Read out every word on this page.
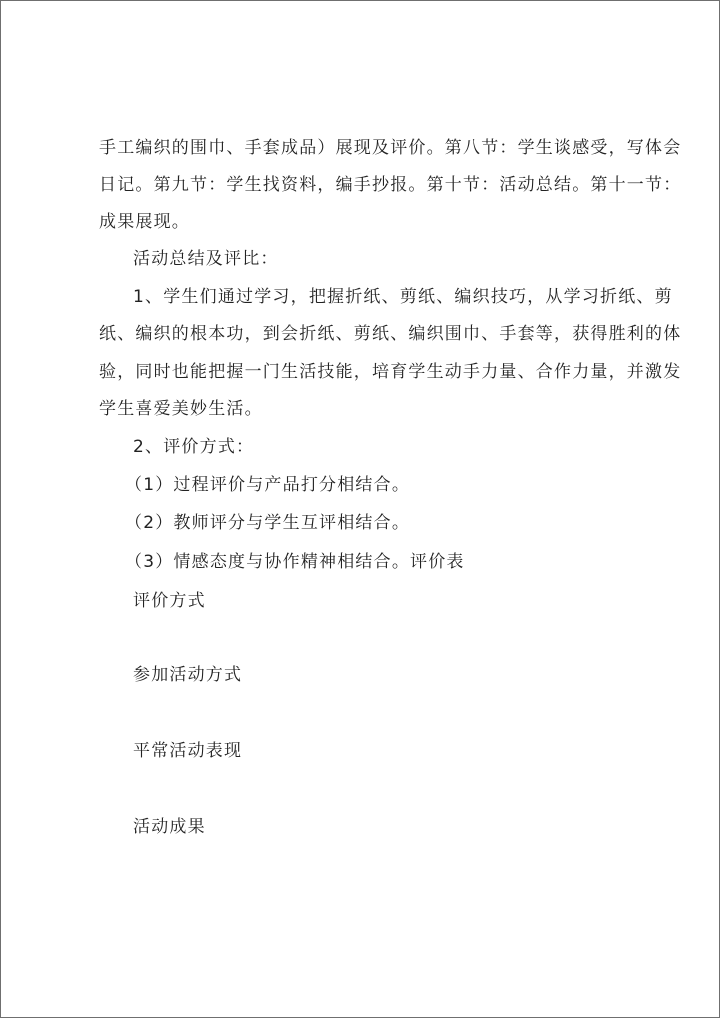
手工编织的围巾、手套成品）展现及评价。第八节：学生谈感受，写体会
日记。第九节：学生找资料，编手抄报。第十节：活动总结。第十一节：
成果展现。
活动总结及评比：
1、学生们通过学习，把握折纸、剪纸、编织技巧，从学习折纸、剪
纸、编织的根本功，到会折纸、剪纸、编织围巾、手套等，获得胜利的体
验，同时也能把握一门生活技能，培育学生动手力量、合作力量，并激发
学生喜爱美妙生活。
2、评价方式：
（1）过程评价与产品打分相结合。
（2）教师评分与学生互评相结合。
（3）情感态度与协作精神相结合。评价表
评价方式
参加活动方式
平常活动表现
活动成果
